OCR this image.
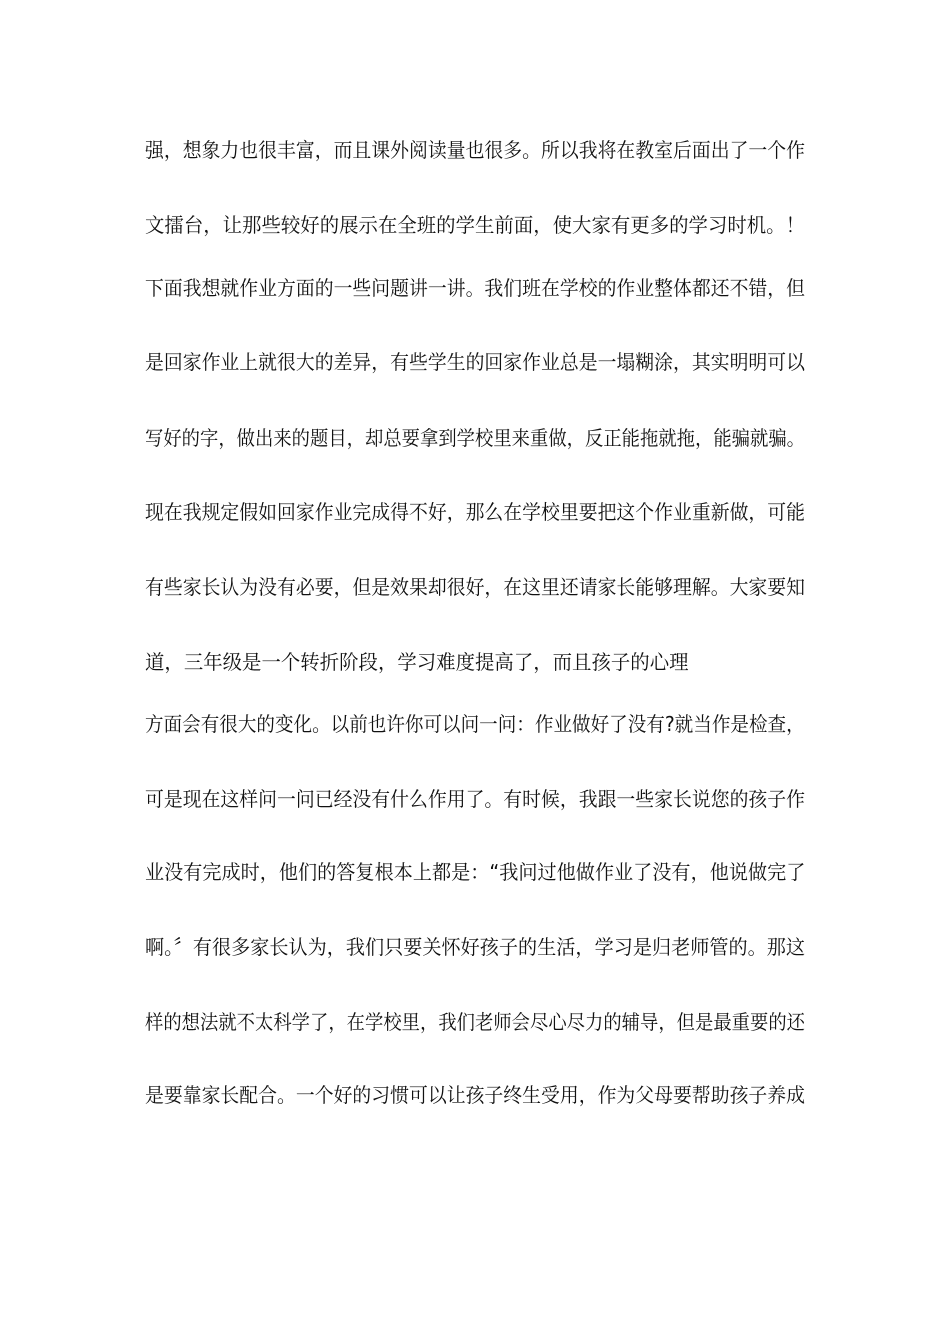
强，想象力也很丰富，而且课外阅读量也很多。所以我将在教室后面出了一个作
文擂台，让那些较好的展示在全班的学生前面，使大家有更多的学习时机。！
下面我想就作业方面的一些问题讲一讲。我们班在学校的作业整体都还不错，但
是回家作业上就很大的差异，有些学生的回家作业总是一塌糊涂，其实明明可以
写好的字，做出来的题目，却总要拿到学校里来重做，反正能拖就拖，能骗就骗。
现在我规定假如回家作业完成得不好，那么在学校里要把这个作业重新做，可能
有些家长认为没有必要，但是效果却很好，在这里还请家长能够理解。大家要知
道，三年级是一个转折阶段，学习难度提高了，而且孩子的心理
方面会有很大的变化。以前也许你可以问一问：作业做好了没有?就当作是检查，
可是现在这样问一问已经没有什么作用了。有时候，我跟一些家长说您的孩子作
业没有完成时，他们的答复根本上都是：“我问过他做作业了没有，他说做完了
啊。〞有很多家长认为，我们只要关怀好孩子的生活，学习是归老师管的。那这
样的想法就不太科学了，在学校里，我们老师会尽心尽力的辅导，但是最重要的还
是要靠家长配合。一个好的习惯可以让孩子终生受用，作为父母要帮助孩子养成
